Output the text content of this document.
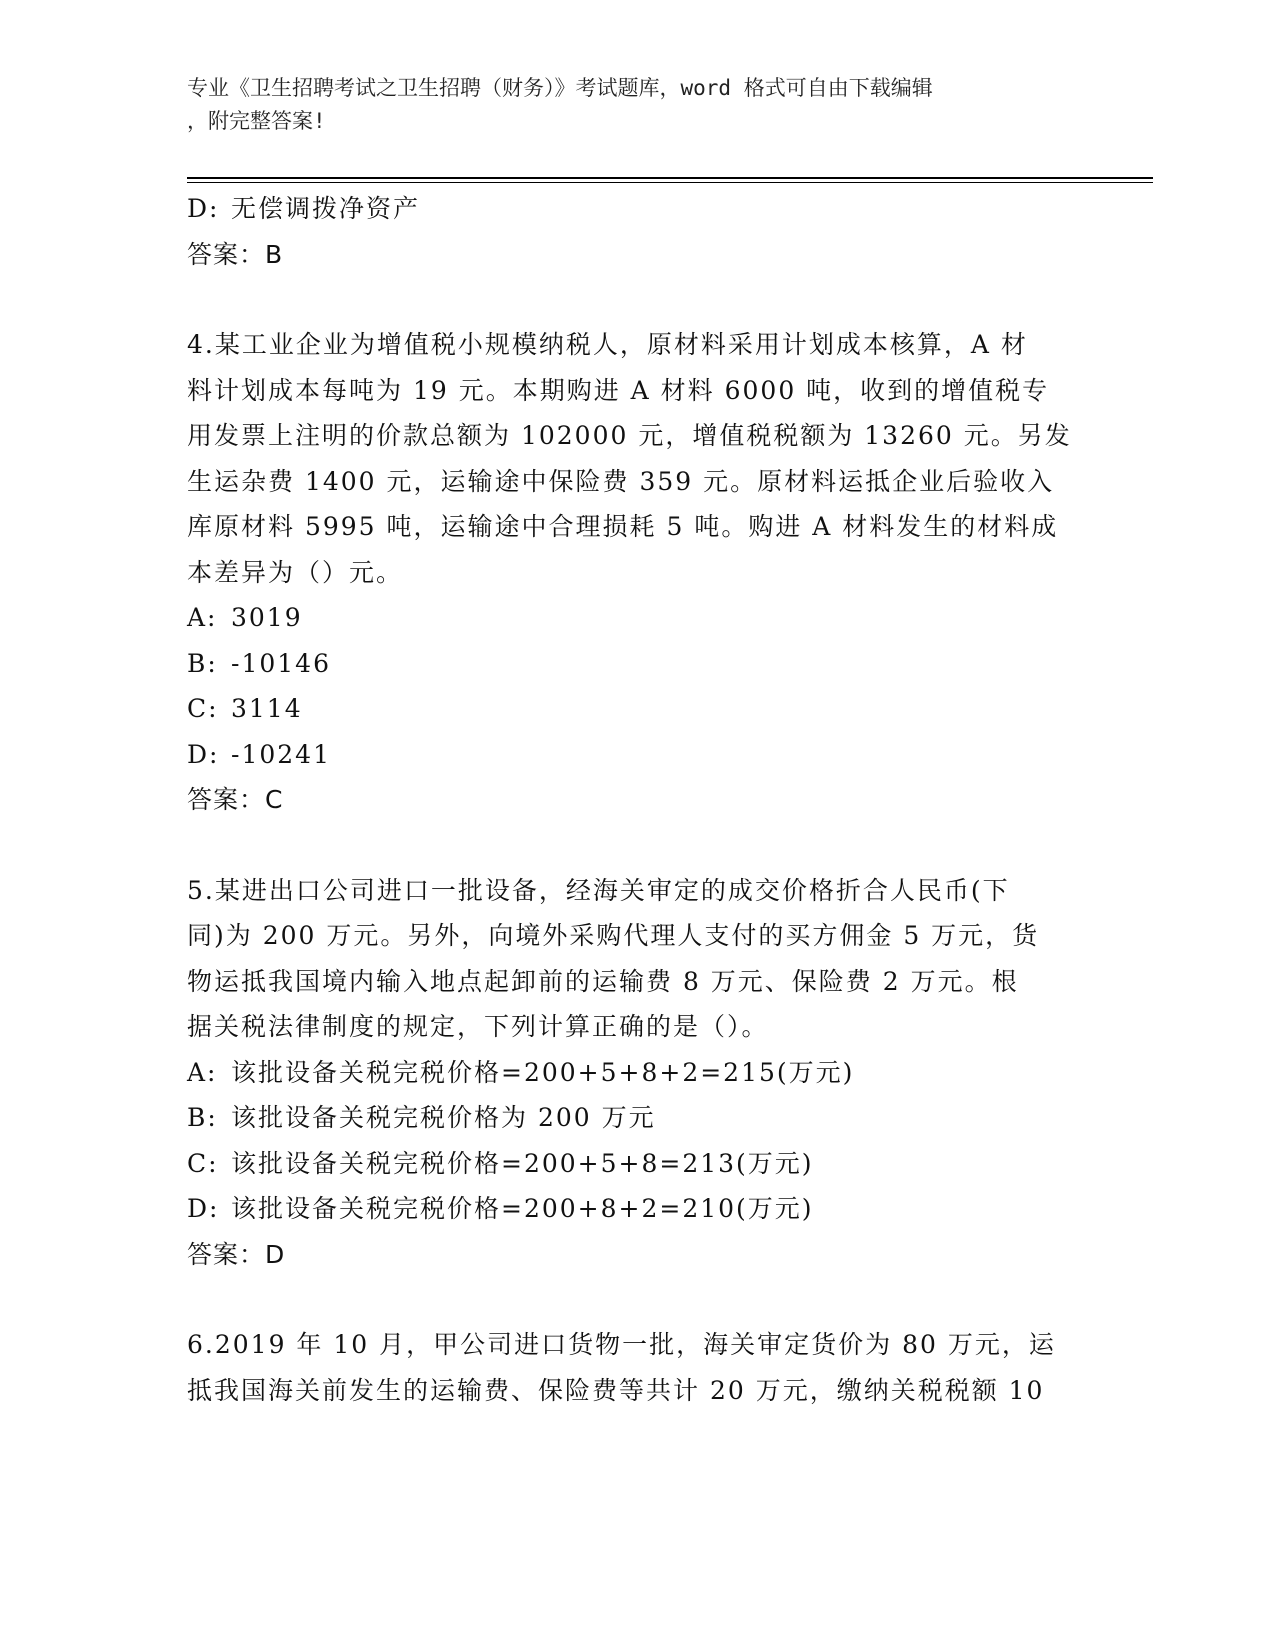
专业《卫生招聘考试之卫生招聘（财务）》考试题库，word 格式可自由下载编辑
，附完整答案!
D: 无偿调拨净资产
答案：B
4.某工业企业为增值税小规模纳税人，原材料采用计划成本核算，A 材
料计划成本每吨为 19 元。本期购进 A 材料 6000 吨，收到的增值税专
用发票上注明的价款总额为 102000 元，增值税税额为 13260 元。另发
生运杂费 1400 元，运输途中保险费 359 元。原材料运抵企业后验收入
库原材料 5995 吨，运输途中合理损耗 5 吨。购进 A 材料发生的材料成
本差异为（）元。
A: 3019
B: -10146
C: 3114
D: -10241
答案：C
5.某进出口公司进口一批设备，经海关审定的成交价格折合人民币(下
同)为 200 万元。另外，向境外采购代理人支付的买方佣金 5 万元，货
物运抵我国境内输入地点起卸前的运输费 8 万元、保险费 2 万元。根
据关税法律制度的规定，下列计算正确的是（）。
A: 该批设备关税完税价格=200+5+8+2=215(万元)
B: 该批设备关税完税价格为 200 万元
C: 该批设备关税完税价格=200+5+8=213(万元)
D: 该批设备关税完税价格=200+8+2=210(万元)
答案：D
6.2019 年 10 月，甲公司进口货物一批，海关审定货价为 80 万元，运
抵我国海关前发生的运输费、保险费等共计 20 万元，缴纳关税税额 10
